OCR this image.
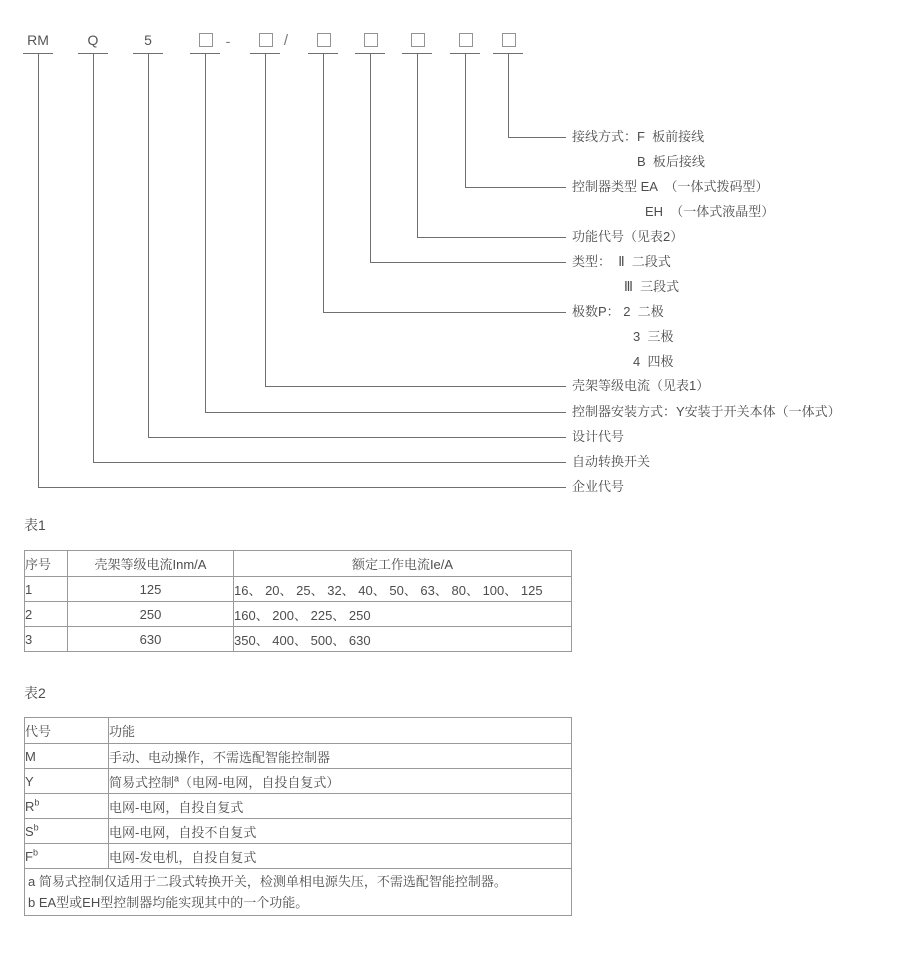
RM	Q	5	-	/
接线方式：F  板前接线
B  板后接线
控制器类型 EA  （一体式拨码型）
EH  （一体式液晶型）
功能代号（见表2）
类型：  Ⅱ  二段式
Ⅲ  三段式
极数P： 2  二极
3  三极
4  四极
壳架等级电流（见表1）
控制器安装方式：Y安装于开关本体（一体式）
设计代号
自动转换开关
企业代号
表1
序号	壳架等级电流Inm/A	额定工作电流Ie/A
1	125	16、 20、 25、 32、 40、 50、 63、 80、 100、 125
2	250	160、 200、 225、 250
3	630	350、 400、 500、 630
表2
代号	功能
M	手动、电动操作，不需选配智能控制器
Y	简易式控制$^a$（电网-电网，自投自复式）
$R^b$	电网-电网，自投自复式
$S^b$	电网-电网，自投不自复式
$F^b$	电网-发电机，自投自复式

a 简易式控制仅适用于二段式转换开关，检测单相电源失压，不需选配智能控制器。
b EA型或EH型控制器均能实现其中的一个功能。	
